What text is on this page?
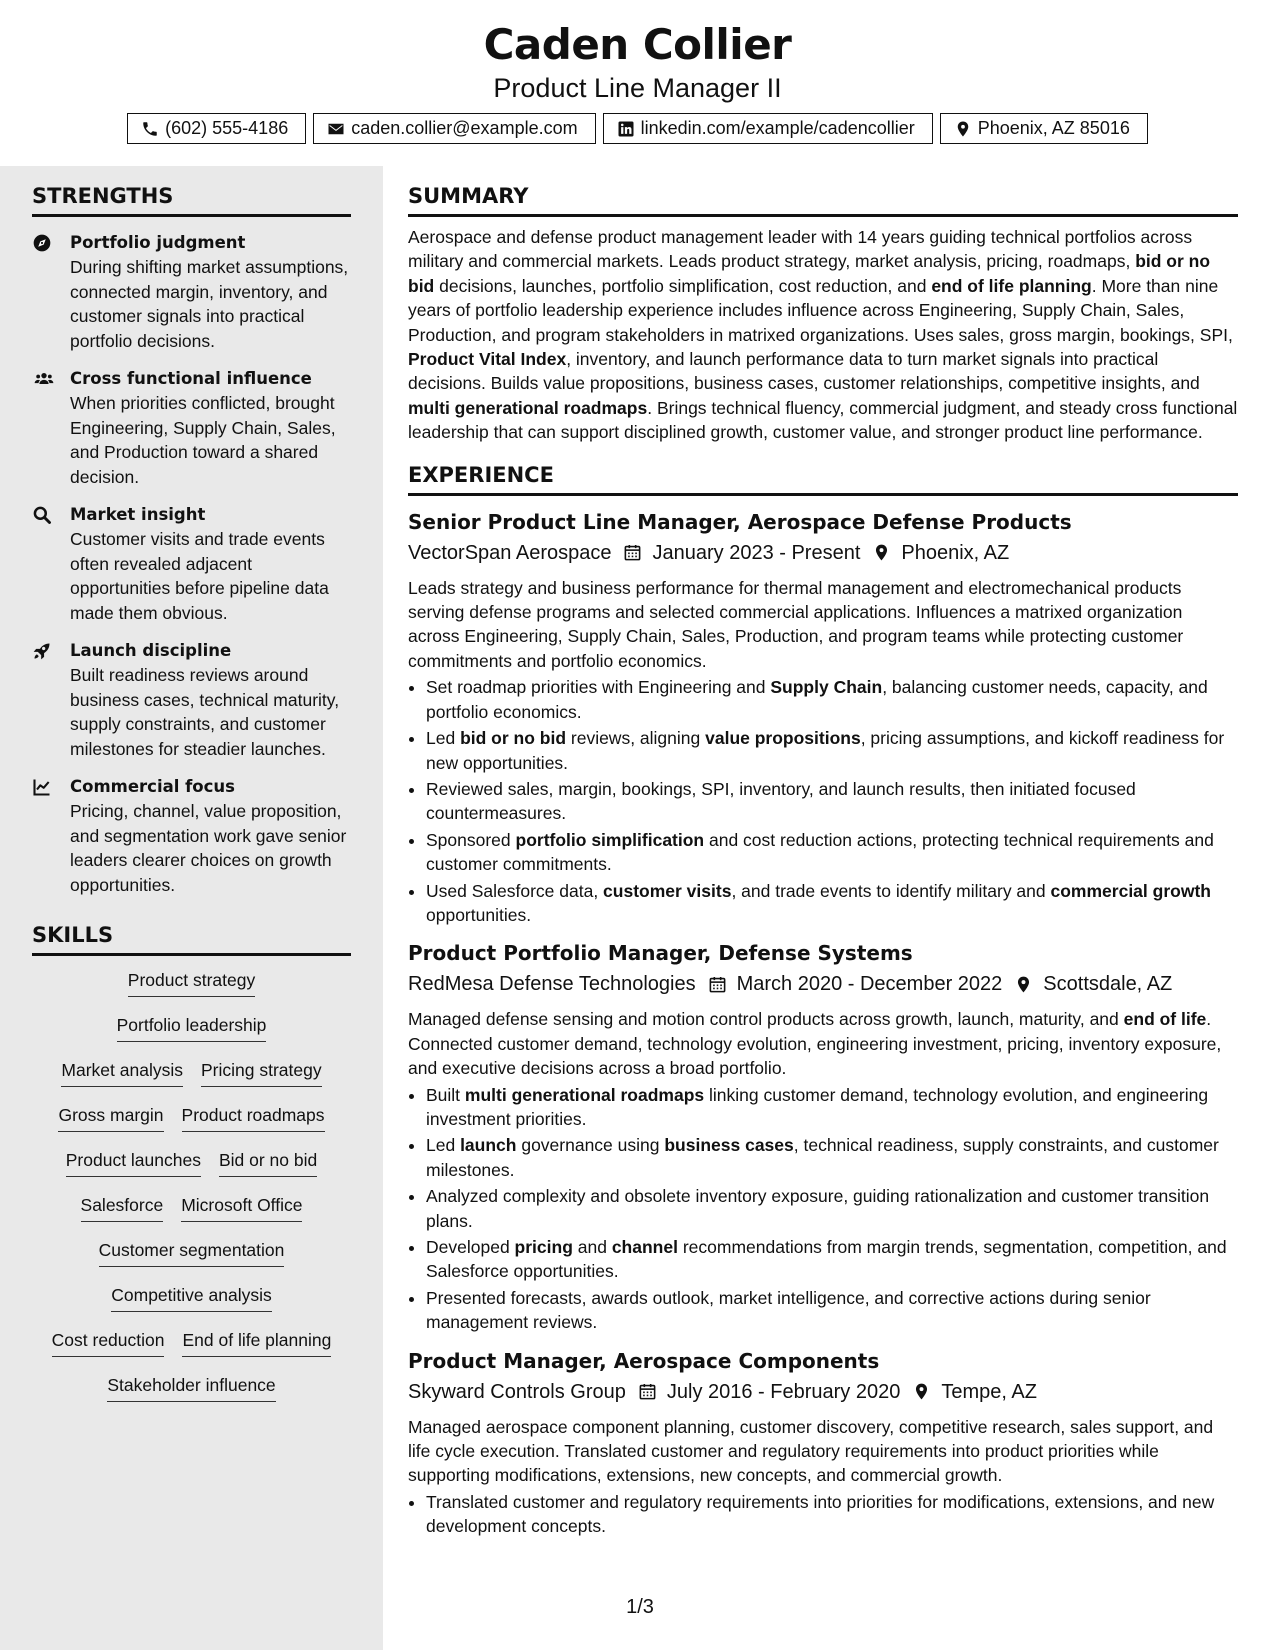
Caden Collier
Product Line Manager II
(602) 555-4186	caden.collier@example.com	linkedin.com/example/cadencollier	Phoenix, AZ 85016
STRENGTHS
Portfolio judgment
During shifting market assumptions, connected margin, inventory, and customer signals into practical portfolio decisions.
Cross functional influence
When priorities conflicted, brought Engineering, Supply Chain, Sales, and Production toward a shared decision.
Market insight
Customer visits and trade events often revealed adjacent opportunities before pipeline data made them obvious.
Launch discipline
Built readiness reviews around business cases, technical maturity, supply constraints, and customer milestones for steadier launches.
Commercial focus
Pricing, channel, value proposition, and segmentation work gave senior leaders clearer choices on growth opportunities.
SKILLS
Product strategy
Portfolio leadership
Market analysis Pricing strategy
Gross margin Product roadmaps
Product launches Bid or no bid
Salesforce Microsoft Office
Customer segmentation
Competitive analysis
Cost reduction End of life planning
Stakeholder influence
SUMMARY
Aerospace and defense product management leader with 14 years guiding technical portfolios across military and commercial markets. Leads product strategy, market analysis, pricing, roadmaps, bid or no bid decisions, launches, portfolio simplification, cost reduction, and end of life planning. More than nine years of portfolio leadership experience includes influence across Engineering, Supply Chain, Sales, Production, and program stakeholders in matrixed organizations. Uses sales, gross margin, bookings, SPI, Product Vital Index, inventory, and launch performance data to turn market signals into practical decisions. Builds value propositions, business cases, customer relationships, competitive insights, and multi generational roadmaps. Brings technical fluency, commercial judgment, and steady cross functional leadership that can support disciplined growth, customer value, and stronger product line performance.
EXPERIENCE
Senior Product Line Manager, Aerospace Defense Products
VectorSpan Aerospace January 2023 - Present Phoenix, AZ
Leads strategy and business performance for thermal management and electromechanical products serving defense programs and selected commercial applications. Influences a matrixed organization across Engineering, Supply Chain, Sales, Production, and program teams while protecting customer commitments and portfolio economics.
• Set roadmap priorities with Engineering and Supply Chain, balancing customer needs, capacity, and portfolio economics.
• Led bid or no bid reviews, aligning value propositions, pricing assumptions, and kickoff readiness for new opportunities.
• Reviewed sales, margin, bookings, SPI, inventory, and launch results, then initiated focused countermeasures.
• Sponsored portfolio simplification and cost reduction actions, protecting technical requirements and customer commitments.
• Used Salesforce data, customer visits, and trade events to identify military and commercial growth opportunities.
Product Portfolio Manager, Defense Systems
RedMesa Defense Technologies March 2020 - December 2022 Scottsdale, AZ
Managed defense sensing and motion control products across growth, launch, maturity, and end of life. Connected customer demand, technology evolution, engineering investment, pricing, inventory exposure, and executive decisions across a broad portfolio.
• Built multi generational roadmaps linking customer demand, technology evolution, and engineering investment priorities.
• Led launch governance using business cases, technical readiness, supply constraints, and customer milestones.
• Analyzed complexity and obsolete inventory exposure, guiding rationalization and customer transition plans.
• Developed pricing and channel recommendations from margin trends, segmentation, competition, and Salesforce opportunities.
• Presented forecasts, awards outlook, market intelligence, and corrective actions during senior management reviews.
Product Manager, Aerospace Components
Skyward Controls Group July 2016 - February 2020 Tempe, AZ
Managed aerospace component planning, customer discovery, competitive research, sales support, and life cycle execution. Translated customer and regulatory requirements into product priorities while supporting modifications, extensions, new concepts, and commercial growth.
• Translated customer and regulatory requirements into priorities for modifications, extensions, and new development concepts.
1/3
